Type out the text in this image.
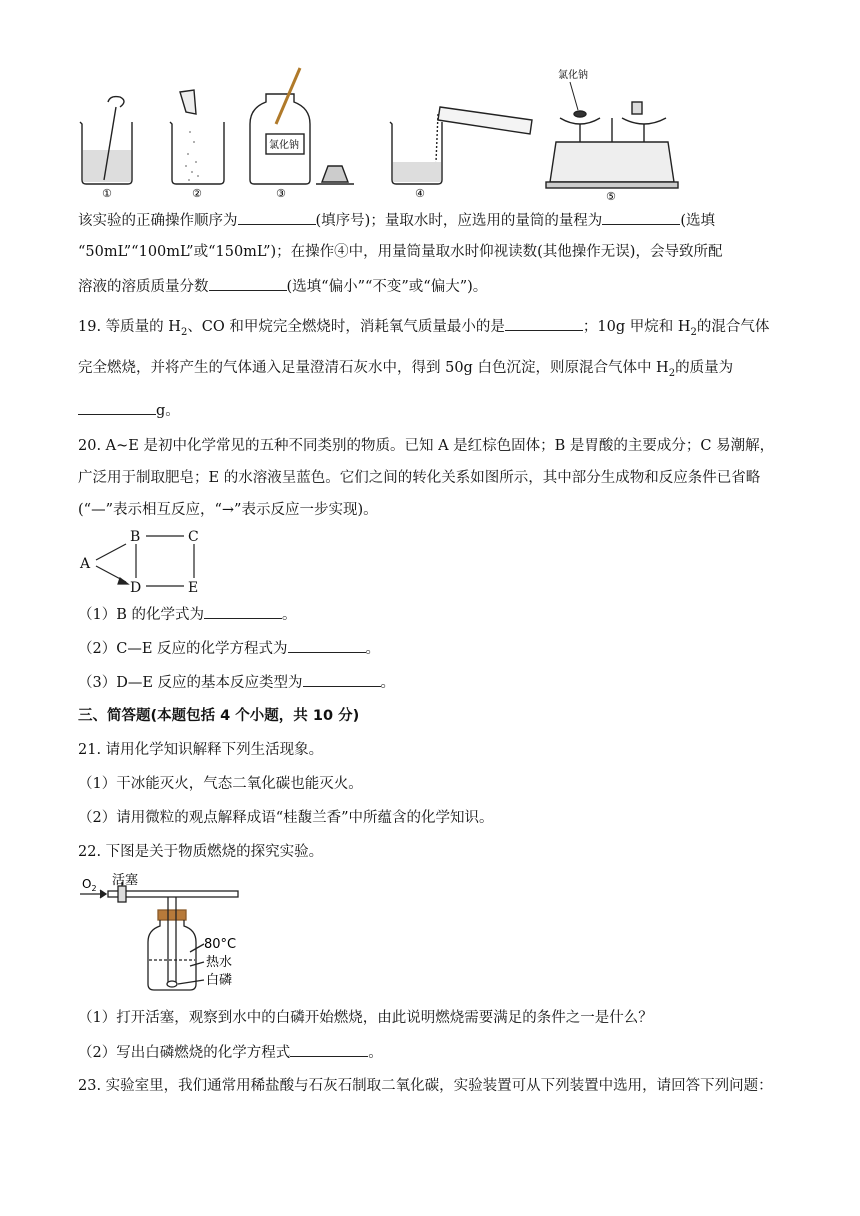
①	②
氯化钠
③	④
氯化钠
⑤
该实验的正确操作顺序为	(填序号)；量取水时，应选用的量筒的量程为	(选填
“50mL”“100mL”或“150mL”)；在操作④中，用量筒量取水时仰视读数(其他操作无误)，会导致所配
溶液的溶质质量分数	(选填“偏小”“不变”或“偏大”)。
19. 等质量的 $H_2$、CO 和甲烷完全燃烧时，消耗氧气质量最小的是	；10g 甲烷和 $H_2$的混合气体
完全燃烧，并将产生的气体通入足量澄清石灰水中，得到 50g 白色沉淀，则原混合气体中 $H_2$的质量为
g。
20. A~E 是初中化学常见的五种不同类别的物质。已知 A 是红棕色固体；B 是胃酸的主要成分；C 易潮解，
广泛用于制取肥皂；E 的水溶液呈蓝色。它们之间的转化关系如图所示，其中部分生成物和反应条件已省略
(“—”表示相互反应，“→”表示反应一步实现)。
A
B	C
D	E
（1）B 的化学式为	。
（2）C—E 反应的化学方程式为	。
（3）D—E 反应的基本反应类型为	。
三、简答题(本题包括 4 个小题，共 10 分)
21. 请用化学知识解释下列生活现象。
（1）干冰能灭火，气态二氧化碳也能灭火。
（2）请用微粒的观点解释成语“桂馥兰香”中所蕴含的化学知识。
22. 下图是关于物质燃烧的探究实验。
$O_2$
活塞
80°C
热水
白磷
（1）打开活塞，观察到水中的白磷开始燃烧，由此说明燃烧需要满足的条件之一是什么？
（2）写出白磷燃烧的化学方程式	。
23. 实验室里，我们通常用稀盐酸与石灰石制取二氧化碳，实验装置可从下列装置中选用，请回答下列问题：
